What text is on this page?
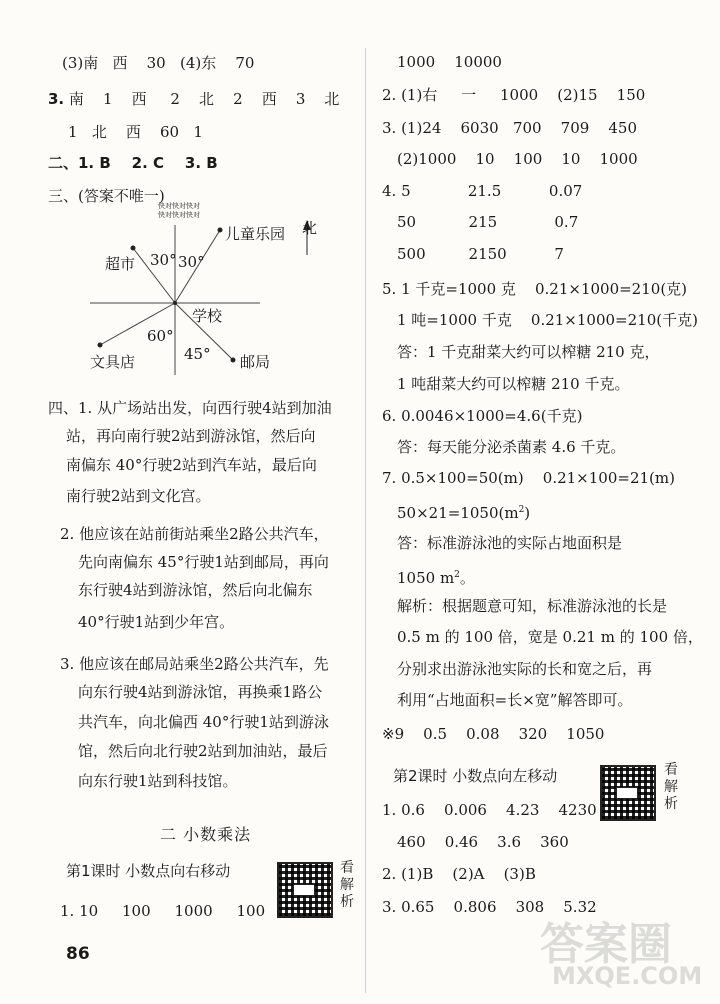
(3)南   西    30   (4)东    70
3. 南    1    西     2    北    2    西    3    北
1   北    西    60   1
二、1. B    2. C    3. B
三、(答案不唯一)
快对快对快对
快对快对快对
儿童乐园 北
超市 30° 30°
学校
60°
45°
文具店	邮局
四、1. 从广场站出发，向西行驶4站到加油
站，再向南行驶2站到游泳馆，然后向
南偏东 40°行驶2站到汽车站，最后向
南行驶2站到文化宫。
2. 他应该在站前街站乘坐2路公共汽车，
先向南偏东 45°行驶1站到邮局，再向
东行驶4站到游泳馆，然后向北偏东
40°行驶1站到少年宫。
3. 他应该在邮局站乘坐2路公共汽车，先
向东行驶4站到游泳馆，再换乘1路公
共汽车，向北偏西 40°行驶1站到游泳
馆，然后向北行驶2站到加油站，最后
向东行驶1站到科技馆。
二 小数乘法
第1课时 小数点向右移动	看解析
1. 10     100     1000     100
86
1000    10000
2. (1)右     一     1000    (2)15    150
3. (1)24    6030   700    709    450
(2)1000    10    100    10    1000
4. 5            21.5          0.07
50           215            0.7
500         2150          7
5. 1 千克=1000 克    0.21×1000=210(克)
1 吨=1000 千克    0.21×1000=210(千克)
答：1 千克甜菜大约可以榨糖 210 克，
1 吨甜菜大约可以榨糖 210 千克。
6. 0.0046×1000=4.6(千克)
答：每天能分泌杀菌素 4.6 千克。
7. 0.5×100=50(m)    0.21×100=21(m)
$50\times 21=1050(m^2)$
答：标准游泳池的实际占地面积是
1050 $m^2$。
解析：根据题意可知，标准游泳池的长是
0.5 m 的 100 倍，宽是 0.21 m 的 100 倍，
分别求出游泳池实际的长和宽之后，再
利用“占地面积=长×宽”解答即可。
※9    0.5    0.08    320    1050
第2课时 小数点向左移动	看解析
1. 0.6    0.006    4.23    4230
460    0.46    3.6    360
2. (1)B    (2)A    (3)B
3. 0.65    0.806    308    5.32
答案圈
MXQE.COM
